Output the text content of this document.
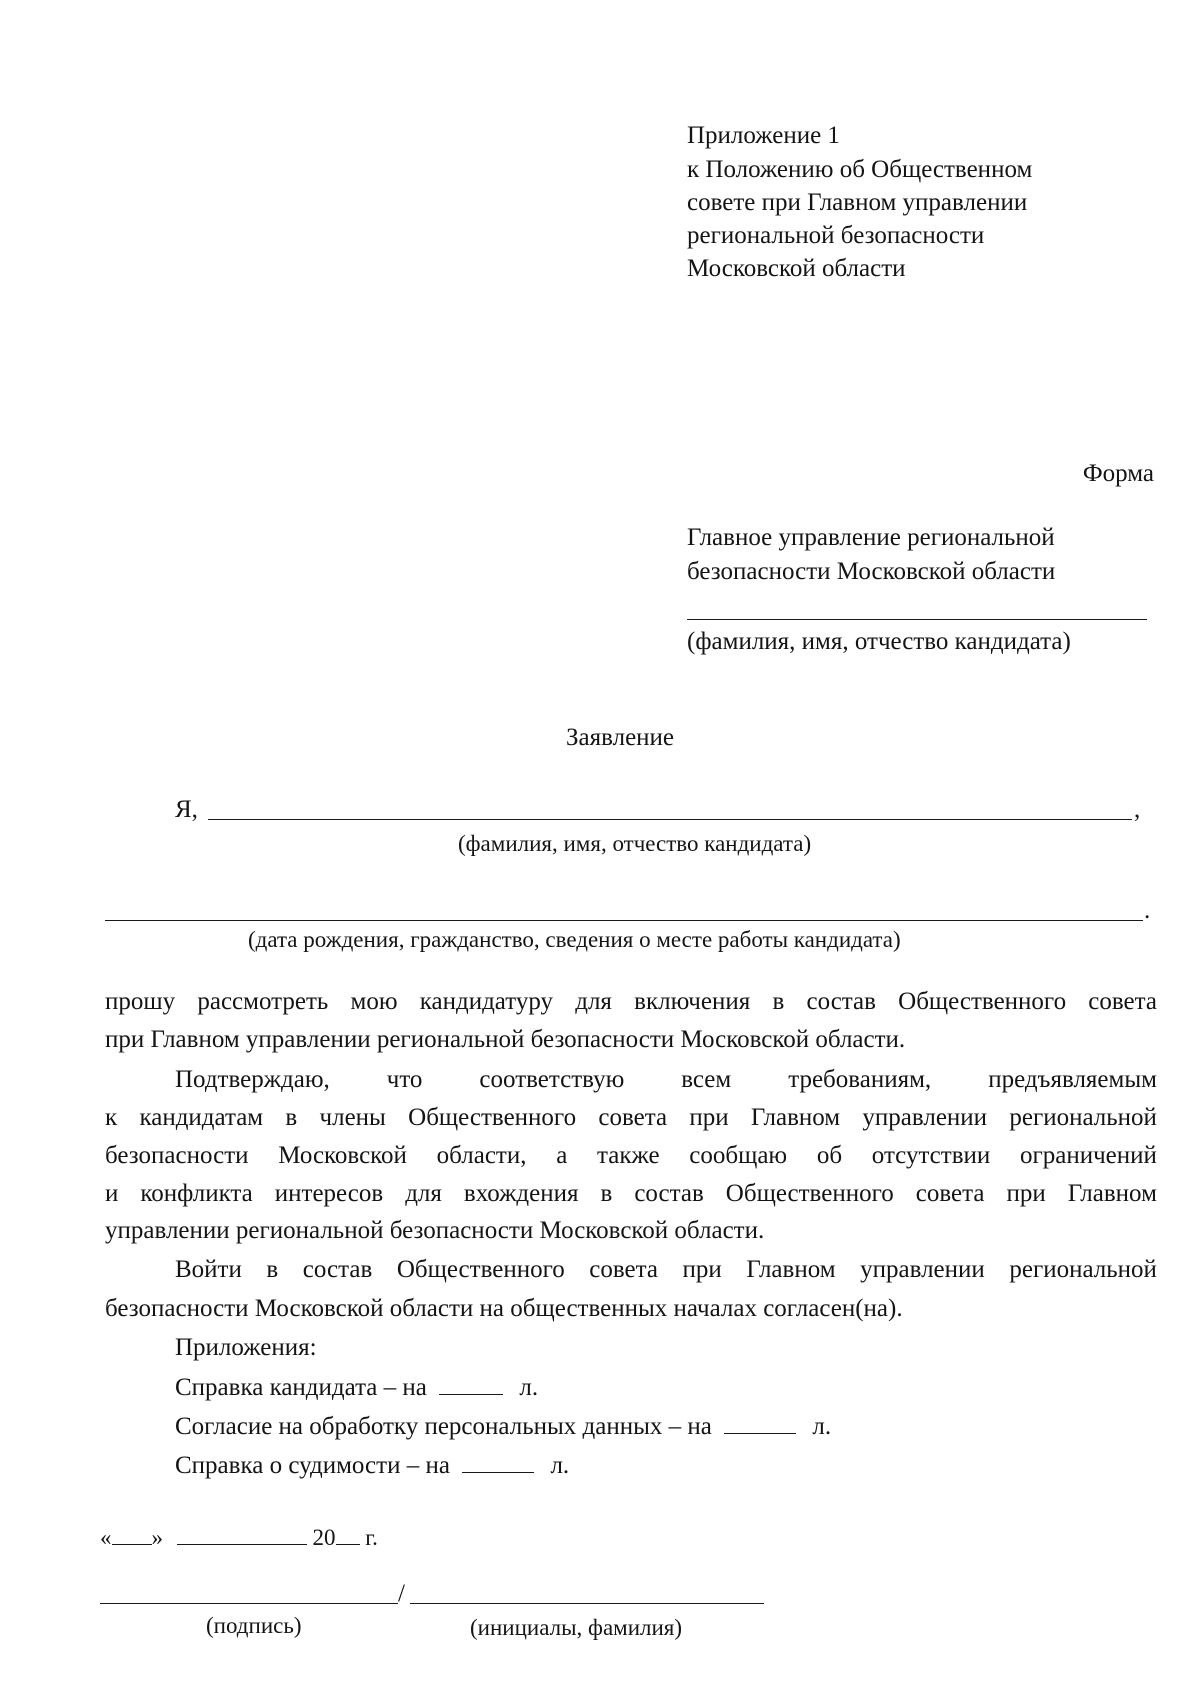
Приложение 1
к Положению об Общественном
совете при Главном управлении
региональной безопасности
Московской области
Форма
Главное управление региональной
безопасности Московской области
(фамилия, имя, отчество кандидата)
Заявление
Я,	,
(фамилия, имя, отчество кандидата)
.
(дата рождения, гражданство, сведения о месте работы кандидата)
прошу рассмотреть мою кандидатуру для включения в состав Общественного совета
при Главном управлении региональной безопасности Московской области.
Подтверждаю, что соответствую всем требованиям, предъявляемым
к кандидатам в члены Общественного совета при Главном управлении региональной
безопасности Московской области, а также сообщаю об отсутствии ограничений
и конфликта интересов для вхождения в состав Общественного совета при Главном
управлении региональной безопасности Московской области.
Войти в состав Общественного совета при Главном управлении региональной
безопасности Московской области на общественных началах согласен(на).
Приложения:
Справка кандидата – на	л.
Согласие на обработку персональных данных – на	л.
Справка о судимости – на	л.
« »	20 г.
/
(подпись)	(инициалы, фамилия)
